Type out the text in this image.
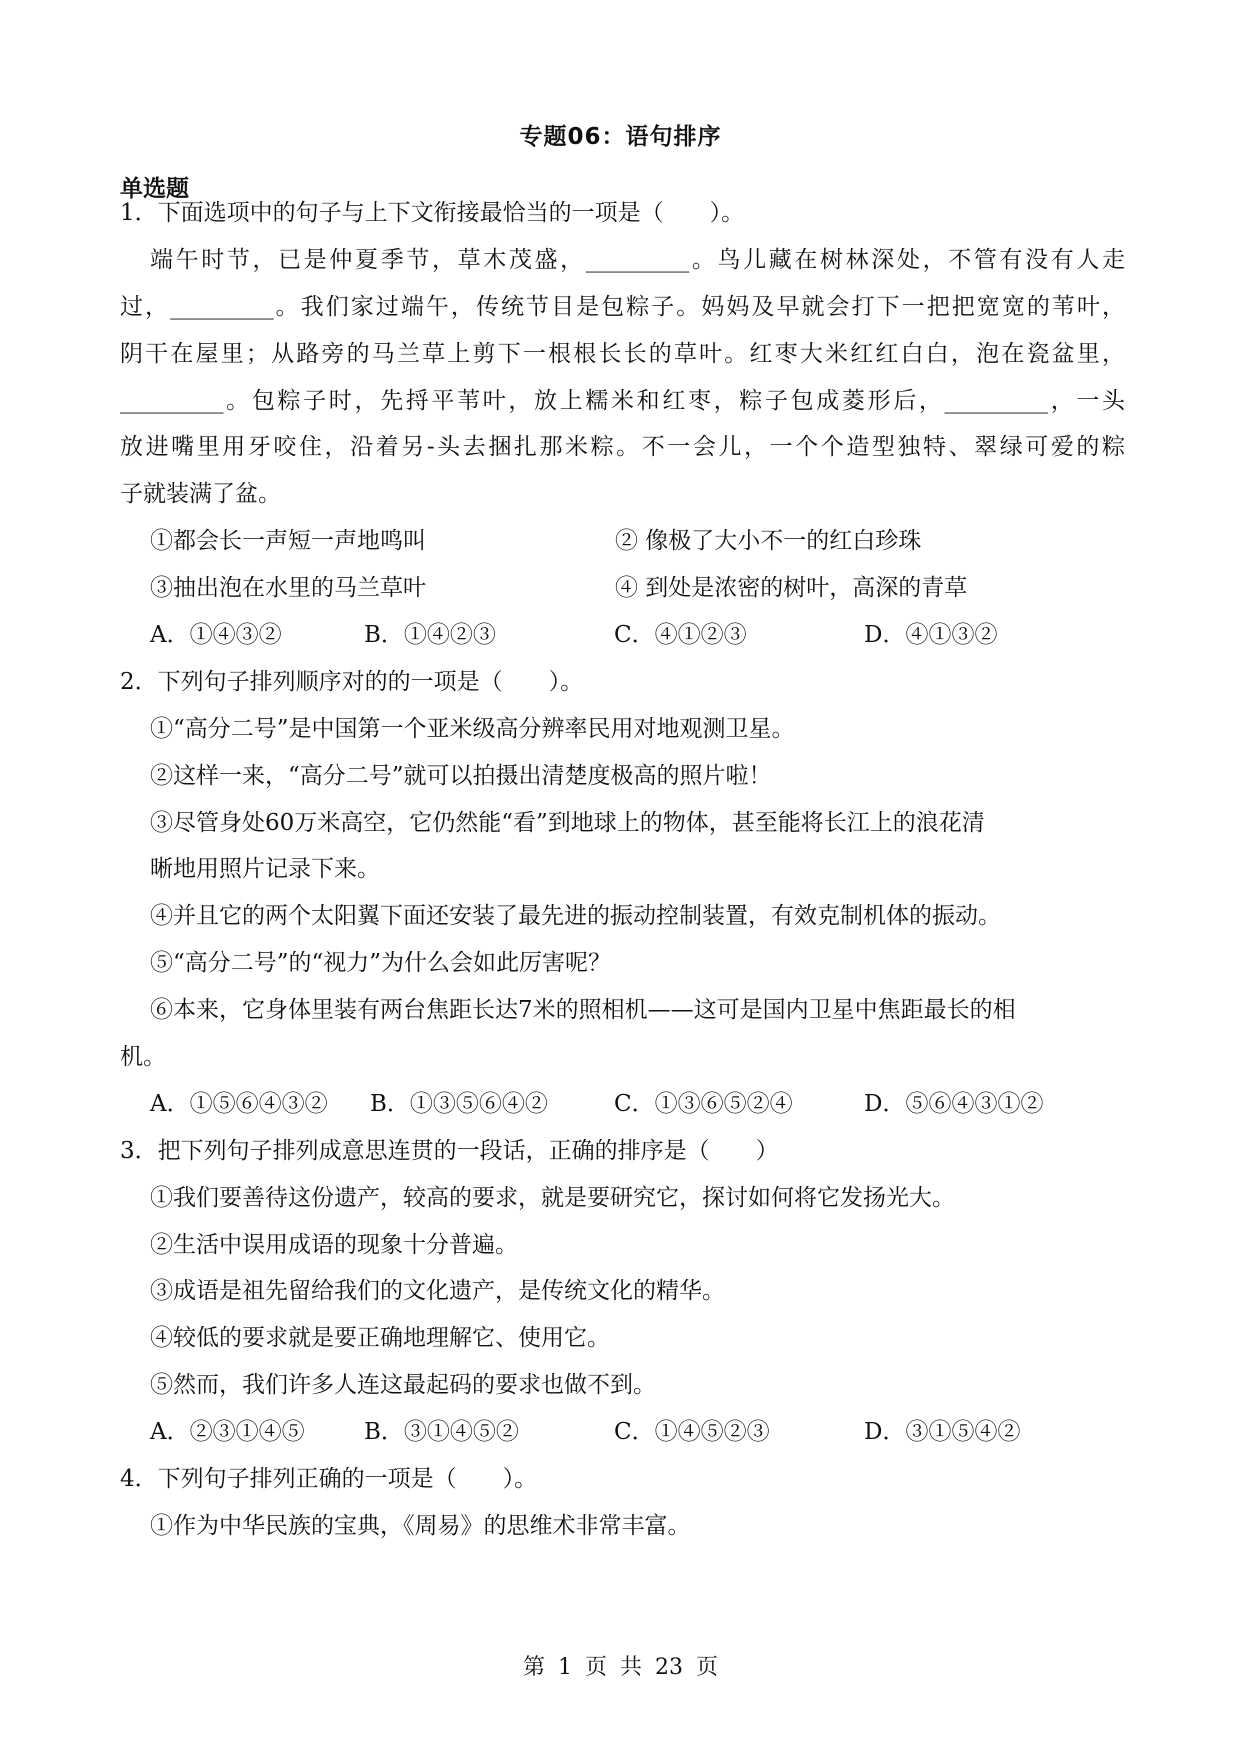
专题06：语句排序
单选题
1．下面选项中的句子与上下文衔接最恰当的一项是（　　）。
端午时节，已是仲夏季节，草木茂盛，_________。鸟儿藏在树林深处，不管有没有人走
过，_________。我们家过端午，传统节目是包粽子。妈妈及早就会打下一把把宽宽的苇叶，
阴干在屋里；从路旁的马兰草上剪下一根根长长的草叶。红枣大米红红白白，泡在瓷盆里，
_________。包粽子时，先捋平苇叶，放上糯米和红枣，粽子包成菱形后，_________，一头
放进嘴里用牙咬住，沿着另-头去捆扎那米粽。不一会儿，一个个造型独特、翠绿可爱的粽
子就装满了盆。
①都会长一声短一声地鸣叫	② 像极了大小不一的红白珍珠
③抽出泡在水里的马兰草叶	④ 到处是浓密的树叶，高深的青草
A．①④③②	B．①④②③	C．④①②③	D．④①③②
2．下列句子排列顺序对的的一项是（　　）。
①“高分二号”是中国第一个亚米级高分辨率民用对地观测卫星。
②这样一来，“高分二号”就可以拍摄出清楚度极高的照片啦！
③尽管身处60万米高空，它仍然能“看”到地球上的物体，甚至能将长江上的浪花清
晰地用照片记录下来。
④并且它的两个太阳翼下面还安装了最先进的振动控制装置，有效克制机体的振动。
⑤“高分二号”的“视力”为什么会如此厉害呢？
⑥本来，它身体里装有两台焦距长达7米的照相机——这可是国内卫星中焦距最长的相
机。
A．①⑤⑥④③② B．①③⑤⑥④②	C．①③⑥⑤②④	D．⑤⑥④③①②
3．把下列句子排列成意思连贯的一段话，正确的排序是（　　）
①我们要善待这份遗产，较高的要求，就是要研究它，探讨如何将它发扬光大。
②生活中误用成语的现象十分普遍。
③成语是祖先留给我们的文化遗产，是传统文化的精华。
④较低的要求就是要正确地理解它、使用它。
⑤然而，我们许多人连这最起码的要求也做不到。
A．②③①④⑤	B．③①④⑤②	C．①④⑤②③	D．③①⑤④②
4．下列句子排列正确的一项是（　　）。
①作为中华民族的宝典，《周易》的思维术非常丰富。
第 1 页 共 23 页
